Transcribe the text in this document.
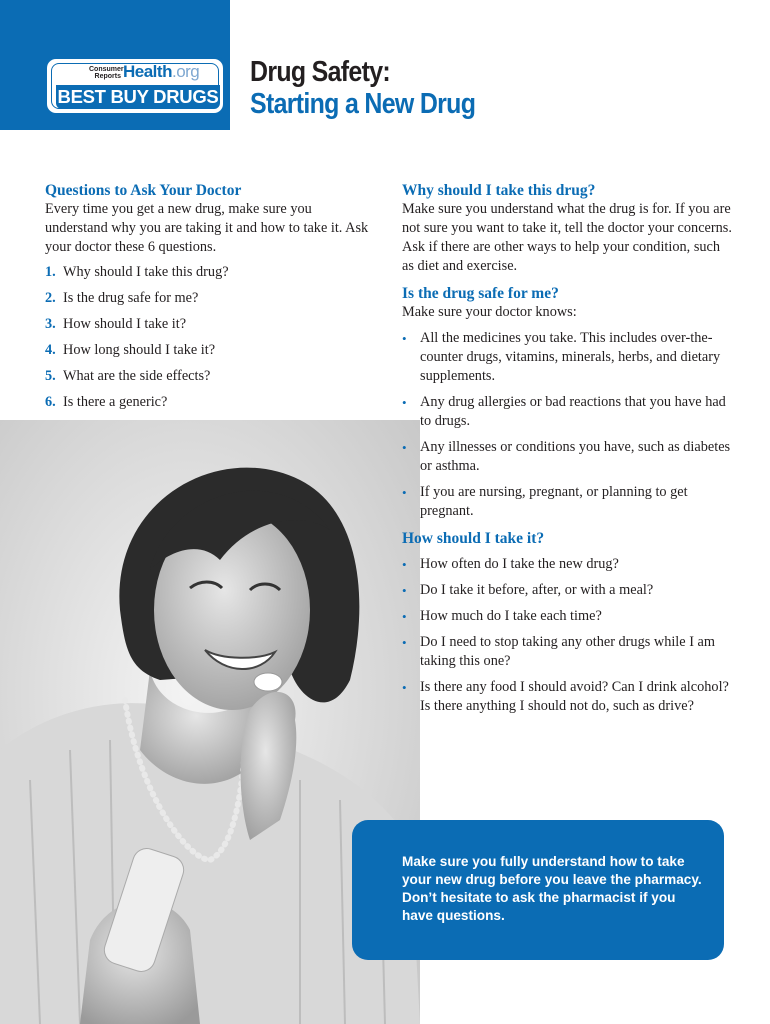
Consumer
Reports Health.org
BEST BUY DRUGS
Drug Safety:
Starting a New Drug
Questions to Ask Your Doctor

Every time you get a new drug, make sure you understand why you are taking it and how to take it. Ask your doctor these 6 questions.

1. Why should I take this drug?
2. Is the drug safe for me?
3. How should I take it?
4. How long should I take it?
5. What are the side effects?
6. Is there a generic?
Why should I take this drug?

Make sure you understand what the drug is for. If you are not sure you want to take it, tell the doctor your concerns. Ask if there are other ways to help your condition, such as diet and exercise.

Is the drug safe for me?

Make sure your doctor knows:

• All the medicines you take. This includes over-the-counter drugs, vitamins, minerals, herbs, and dietary supplements.
• Any drug allergies or bad reactions that you have had to drugs.
• Any illnesses or conditions you have, such as diabetes or asthma.
• If you are nursing, pregnant, or planning to get pregnant.
How should I take it?
• How often do I take the new drug?
• Do I take it before, after, or with a meal?
• How much do I take each time?
• Do I need to stop taking any other drugs while I am taking this one?
• Is there any food I should avoid? Can I drink alcohol? Is there anything I should not do, such as drive?

Make sure you fully understand how to take your new drug before you leave the pharmacy. Don’t hesitate to ask the pharmacist if you have questions.
